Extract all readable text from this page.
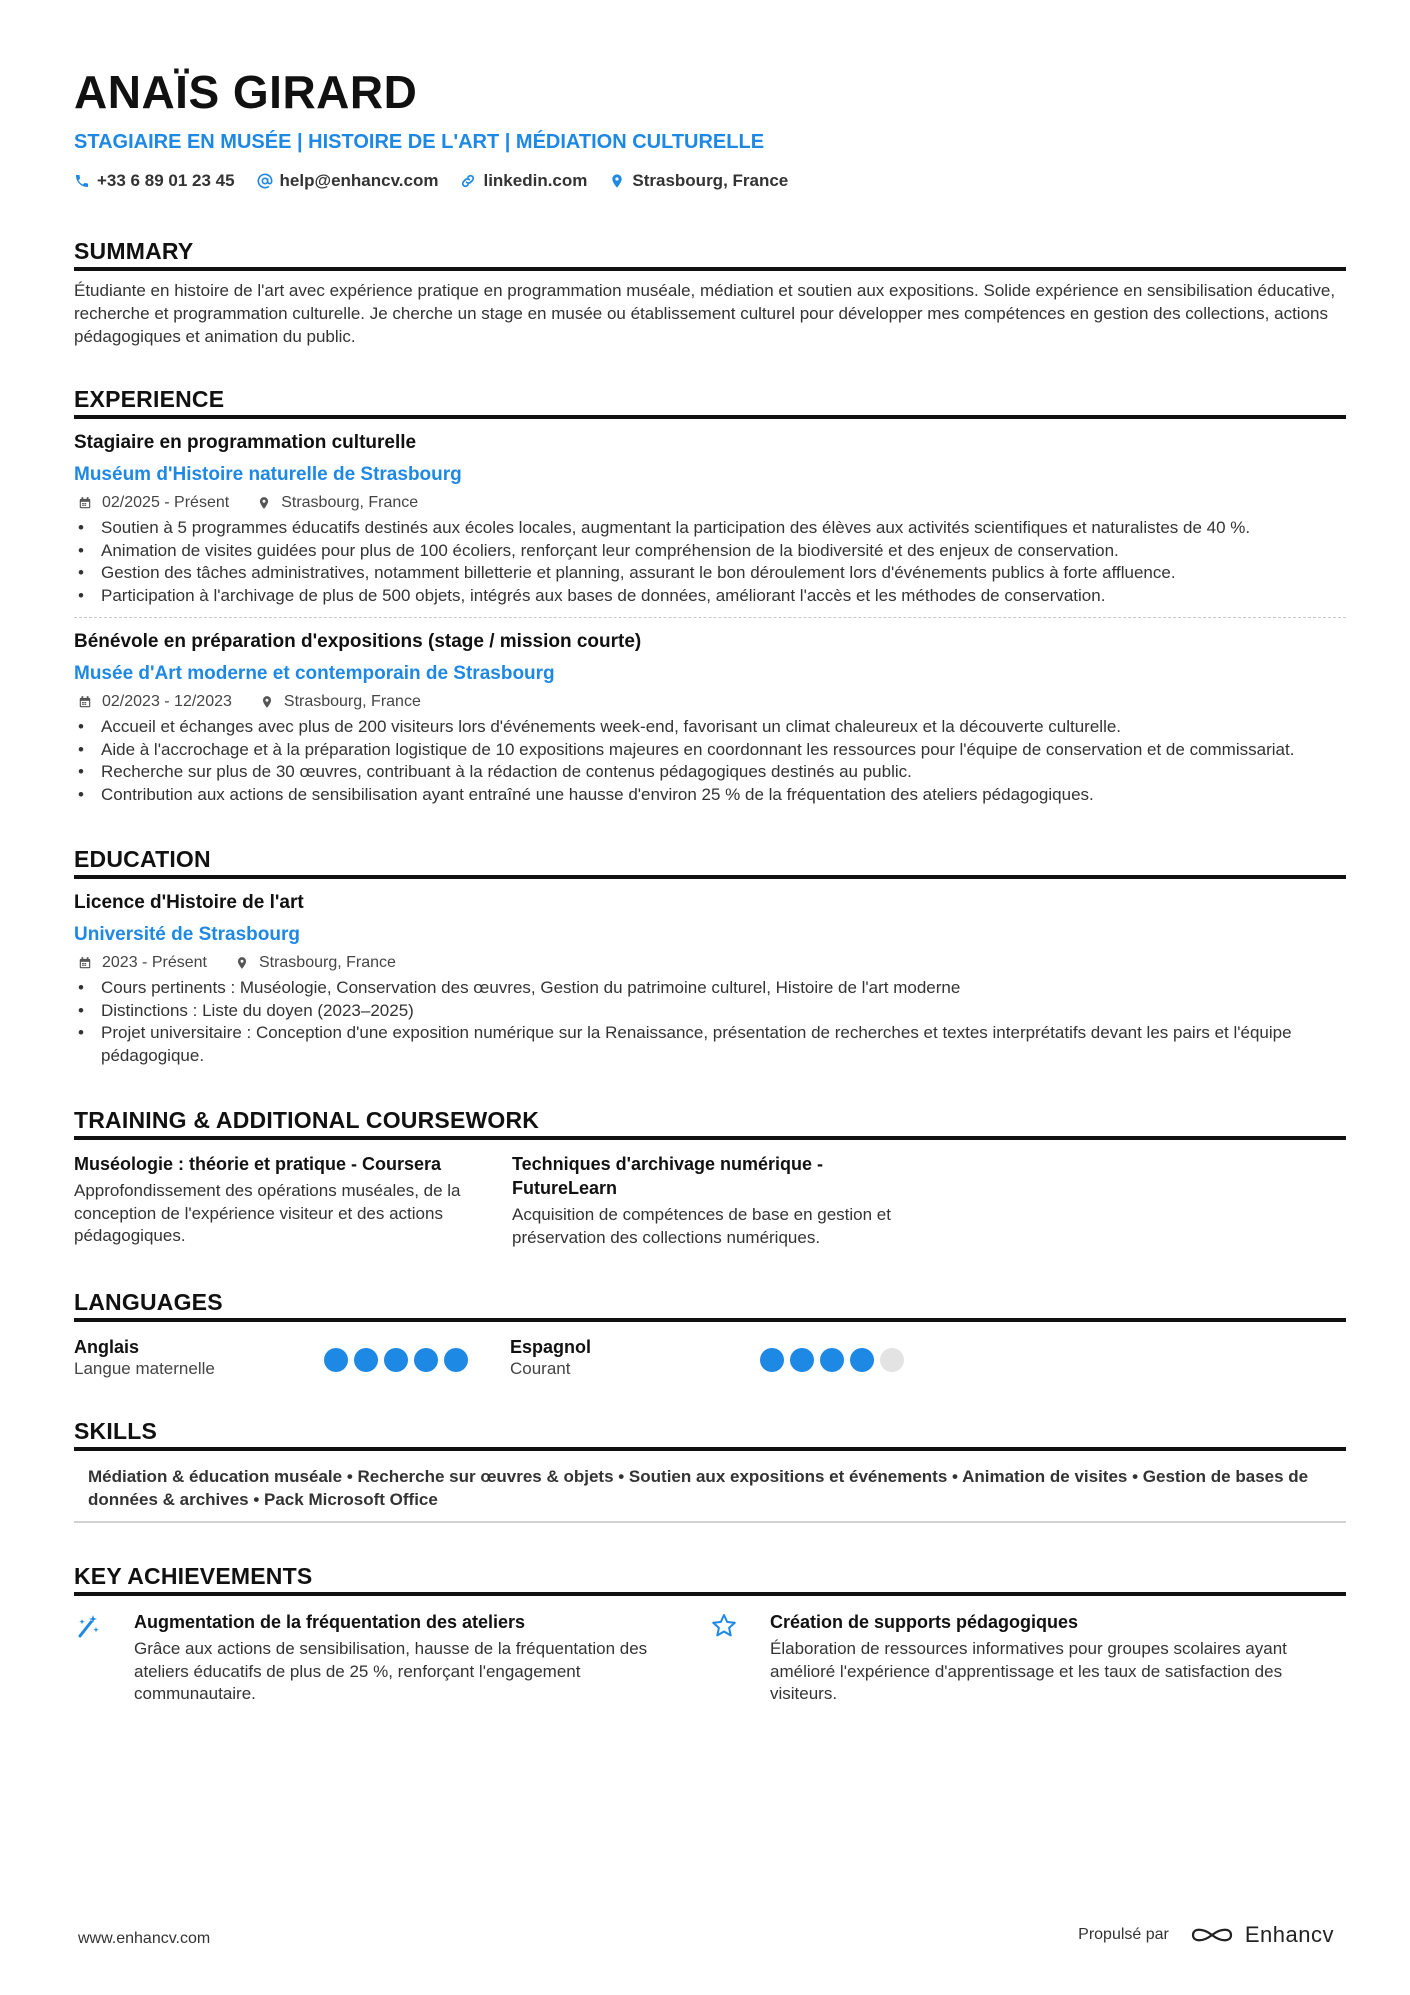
ANAÏS GIRARD
STAGIAIRE EN MUSÉE | HISTOIRE DE L'ART | MÉDIATION CULTURELLE
+33 6 89 01 23 45	help@enhancv.com	linkedin.com	Strasbourg, France
SUMMARY
Étudiante en histoire de l'art avec expérience pratique en programmation muséale, médiation et soutien aux expositions. Solide expérience en sensibilisation éducative, recherche et programmation culturelle. Je cherche un stage en musée ou établissement culturel pour développer mes compétences en gestion des collections, actions pédagogiques et animation du public.
EXPERIENCE
Stagiaire en programmation culturelle
Muséum d'Histoire naturelle de Strasbourg
02/2025 - Présent	Strasbourg, France
• Soutien à 5 programmes éducatifs destinés aux écoles locales, augmentant la participation des élèves aux activités scientifiques et naturalistes de 40 %.
• Animation de visites guidées pour plus de 100 écoliers, renforçant leur compréhension de la biodiversité et des enjeux de conservation.
• Gestion des tâches administratives, notamment billetterie et planning, assurant le bon déroulement lors d'événements publics à forte affluence.
• Participation à l'archivage de plus de 500 objets, intégrés aux bases de données, améliorant l'accès et les méthodes de conservation.
Bénévole en préparation d'expositions (stage / mission courte)
Musée d'Art moderne et contemporain de Strasbourg
02/2023 - 12/2023	Strasbourg, France
• Accueil et échanges avec plus de 200 visiteurs lors d'événements week-end, favorisant un climat chaleureux et la découverte culturelle.
• Aide à l'accrochage et à la préparation logistique de 10 expositions majeures en coordonnant les ressources pour l'équipe de conservation et de commissariat.
• Recherche sur plus de 30 œuvres, contribuant à la rédaction de contenus pédagogiques destinés au public.
• Contribution aux actions de sensibilisation ayant entraîné une hausse d'environ 25 % de la fréquentation des ateliers pédagogiques.
EDUCATION
Licence d'Histoire de l'art
Université de Strasbourg
2023 - Présent	Strasbourg, France
• Cours pertinents : Muséologie, Conservation des œuvres, Gestion du patrimoine culturel, Histoire de l'art moderne
• Distinctions : Liste du doyen (2023–2025)
• Projet universitaire : Conception d'une exposition numérique sur la Renaissance, présentation de recherches et textes interprétatifs devant les pairs et l'équipe pédagogique.
TRAINING & ADDITIONAL COURSEWORK
Muséologie : théorie et pratique - Coursera
Approfondissement des opérations muséales, de la conception de l'expérience visiteur et des actions pédagogiques.
Techniques d'archivage numérique - FutureLearn
Acquisition de compétences de base en gestion et préservation des collections numériques.
LANGUAGES
Anglais
Langue maternelle
Espagnol
Courant
SKILLS
Médiation & éducation muséale • Recherche sur œuvres & objets • Soutien aux expositions et événements • Animation de visites • Gestion de bases de données & archives • Pack Microsoft Office
KEY ACHIEVEMENTS
Augmentation de la fréquentation des ateliers
Grâce aux actions de sensibilisation, hausse de la fréquentation des ateliers éducatifs de plus de 25 %, renforçant l'engagement communautaire.
Création de supports pédagogiques
Élaboration de ressources informatives pour groupes scolaires ayant amélioré l'expérience d'apprentissage et les taux de satisfaction des visiteurs.
www.enhancv.com	Propulsé par	Enhancv
